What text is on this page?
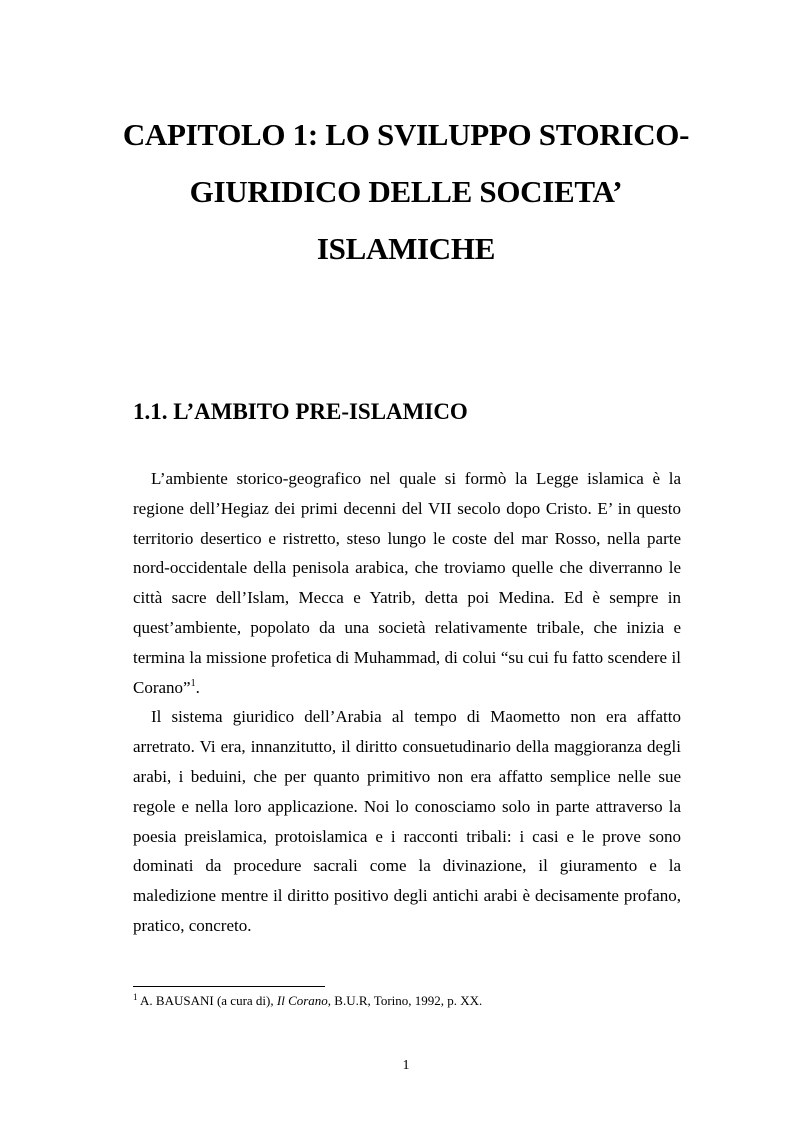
CAPITOLO 1: LO SVILUPPO STORICO-
GIURIDICO DELLE SOCIETA’
ISLAMICHE
1.1. L’AMBITO PRE-ISLAMICO

L’ambiente storico-geografico nel quale si formò la Legge islamica è la regione dell’Hegiaz dei primi decenni del VII secolo dopo Cristo. E’ in questo territorio desertico e ristretto, steso lungo le coste del mar Rosso, nella parte nord-occidentale della penisola arabica, che troviamo quelle che diverranno le città sacre dell’Islam, Mecca e Yatrib, detta poi Medina. Ed è sempre in quest’ambiente, popolato da una società relativamente tribale, che inizia e termina la missione profetica di Muhammad, di colui “su cui fu fatto scendere il Corano”$^1$.

Il sistema giuridico dell’Arabia al tempo di Maometto non era affatto arretrato. Vi era, innanzitutto, il diritto consuetudinario della maggioranza degli arabi, i beduini, che per quanto primitivo non era affatto semplice nelle sue regole e nella loro applicazione. Noi lo conosciamo solo in parte attraverso la poesia preislamica, protoislamica e i racconti tribali: i casi e le prove sono dominati da procedure sacrali come la divinazione, il giuramento e la maledizione mentre il diritto positivo degli antichi arabi è decisamente profano, pratico, concreto.

$^1$ A. BAUSANI (a cura di), Il Corano, B.U.R, Torino, 1992, p. XX.

1
